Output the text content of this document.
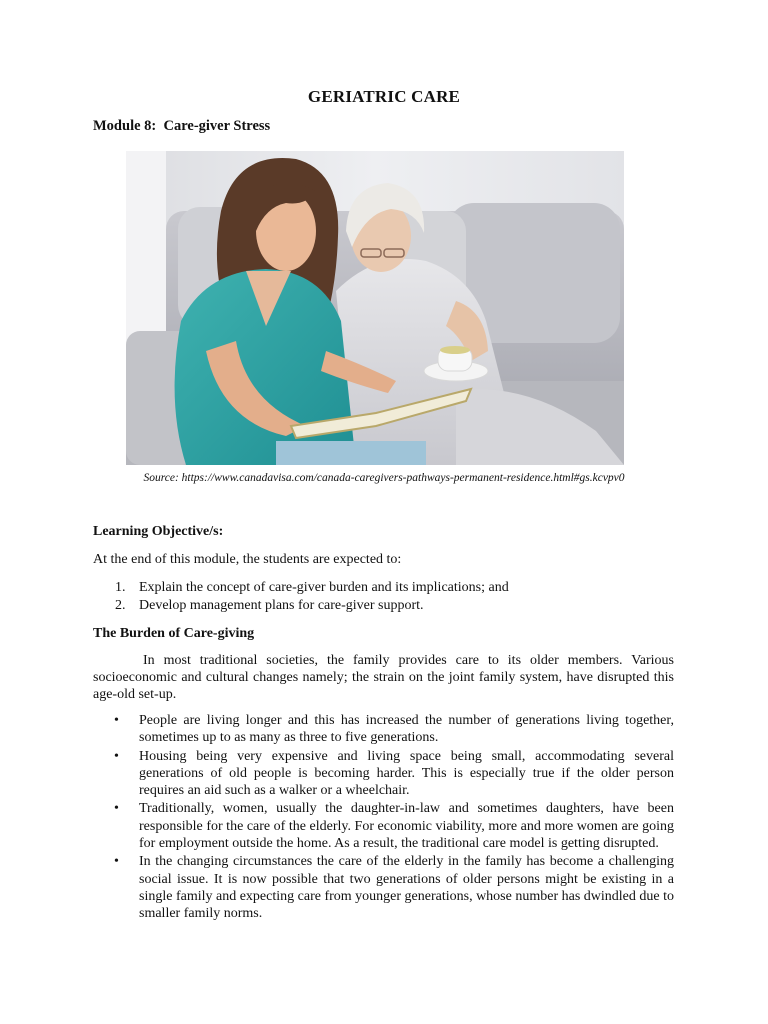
GERIATRIC CARE
Module 8:  Care-giver Stress
Source: https://www.canadavisa.com/canada-caregivers-pathways-permanent-residence.html#gs.kcvpv0
Learning Objective/s:
At the end of this module, the students are expected to:
1. Explain the concept of care-giver burden and its implications; and
2. Develop management plans for care-giver support.
The Burden of Care-giving
In most traditional societies, the family provides care to its older members. Various socioeconomic and cultural changes namely; the strain on the joint family system, have disrupted this age-old set-up.
• People are living longer and this has increased the number of generations living together, sometimes up to as many as three to five generations.
• Housing being very expensive and living space being small, accommodating several generations of old people is becoming harder. This is especially true if the older person requires an aid such as a walker or a wheelchair.
• Traditionally, women, usually the daughter-in-law and sometimes daughters, have been responsible for the care of the elderly. For economic viability, more and more women are going for employment outside the home. As a result, the traditional care model is getting disrupted.
• In the changing circumstances the care of the elderly in the family has become a challenging social issue. It is now possible that two generations of older persons might be existing in a single family and expecting care from younger generations, whose number has dwindled due to smaller family norms.
